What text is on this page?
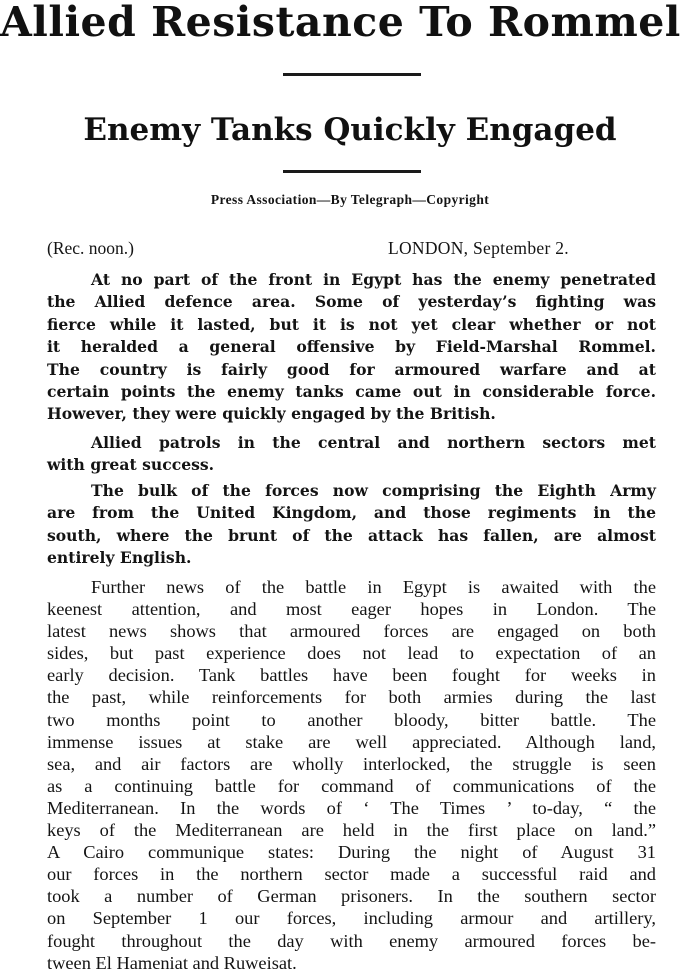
Allied Resistance To Rommel
Enemy Tanks Quickly Engaged
Press Association—By Telegraph—Copyright
(Rec. noon.)	LONDON, September 2.
At no part of the front in Egypt has the enemy penetrated
the Allied defence area. Some of yesterday’s fighting was
fierce while it lasted, but it is not yet clear whether or not
it heralded a general offensive by Field-Marshal Rommel.
The country is fairly good for armoured warfare and at
certain points the enemy tanks came out in considerable force.
However, they were quickly engaged by the British.
Allied patrols in the central and northern sectors met
with great success.
The bulk of the forces now comprising the Eighth Army
are from the United Kingdom, and those regiments in the
south, where the brunt of the attack has fallen, are almost
entirely English.
Further news of the battle in Egypt is awaited with the
keenest attention, and most eager hopes in London. The
latest news shows that armoured forces are engaged on both
sides, but past experience does not lead to expectation of an
early decision. Tank battles have been fought for weeks in
the past, while reinforcements for both armies during the last
two months point to another bloody, bitter battle. The
immense issues at stake are well appreciated. Although land,
sea, and air factors are wholly interlocked, the struggle is seen
as a continuing battle for command of communications of the
Mediterranean. In the words of ‘ The Times ’ to-day, “ the
keys of the Mediterranean are held in the first place on land.”
A Cairo communique states: During the night of August 31
our forces in the northern sector made a successful raid and
took a number of German prisoners. In the southern sector
on September 1 our forces, including armour and artillery,
fought throughout the day with enemy armoured forces be-
tween El Hameniat and Ruweisat.
